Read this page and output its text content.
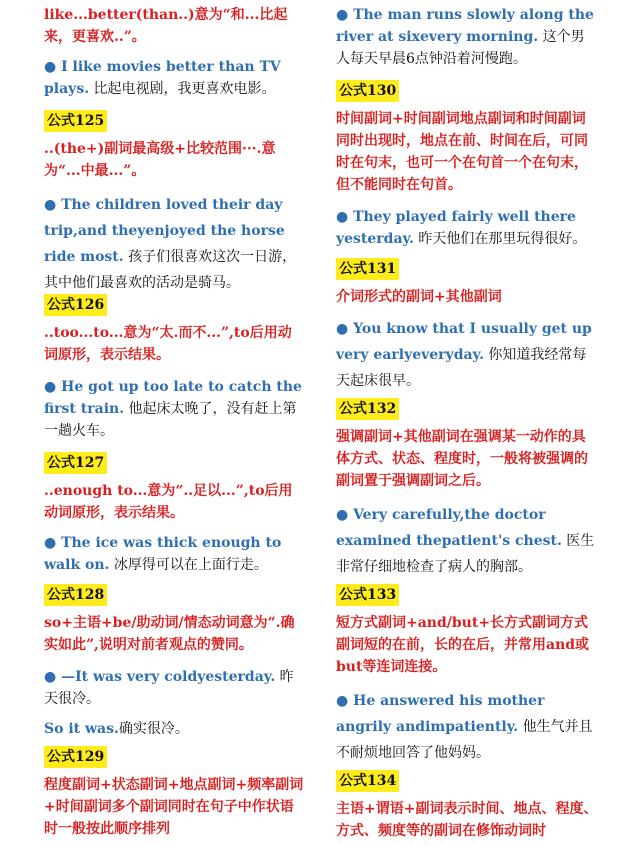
like...better(than..)意为“和...比起来，更喜欢..”。
● I like movies better than TV plays. 比起电视剧，我更喜欢电影。
公式125
..(the+)副词最高级+比较范围···.意为“...中最...”。
● The children loved their day trip,and theyenjoyed the horse ride most. 孩子们很喜欢这次一日游，其中他们最喜欢的活动是骑马。
公式126
..too...to...意为“太.而不...”,to后用动词原形，表示结果。
● He got up too late to catch the first train. 他起床太晚了，没有赶上第一趟火车。
公式127
..enough to...意为“..足以...”,to后用动词原形，表示结果。
● The ice was thick enough to walk on. 冰厚得可以在上面行走。
公式128
so+主语+be/助动词/情态动词意为“.确实如此”,说明对前者观点的赞同。
● —It was very coldyesterday. 昨天很冷。
So it was.确实很冷。
公式129
程度副词+状态副词+地点副词+频率副词+时间副词多个副词同时在句子中作状语时一般按此顺序排列
● The man runs slowly along the river at sixevery morning. 这个男人每天早晨6点钟沿着河慢跑。
公式130
时间副词+时间副词地点副词和时间副词同时出现时，地点在前、时间在后，可同时在句末，也可一个在句首一个在句末，但不能同时在句首。
● They played fairly well there yesterday. 昨天他们在那里玩得很好。
公式131
介词形式的副词+其他副词
● You know that I usually get up very earlyeveryday. 你知道我经常每天起床很早。
公式132
强调副词+其他副词在强调某一动作的具体方式、状态、程度时，一般将被强调的副词置于强调副词之后。
● Very carefully,the doctor examined thepatient's chest. 医生非常仔细地检查了病人的胸部。
公式133
短方式副词+and/but+长方式副词方式副词短的在前，长的在后，并常用and或but等连词连接。
● He answered his mother angrily andimpatiently. 他生气并且不耐烦地回答了他妈妈。
公式134
主语+谓语+副词表示时间、地点、程度、方式、频度等的副词在修饰动词时
